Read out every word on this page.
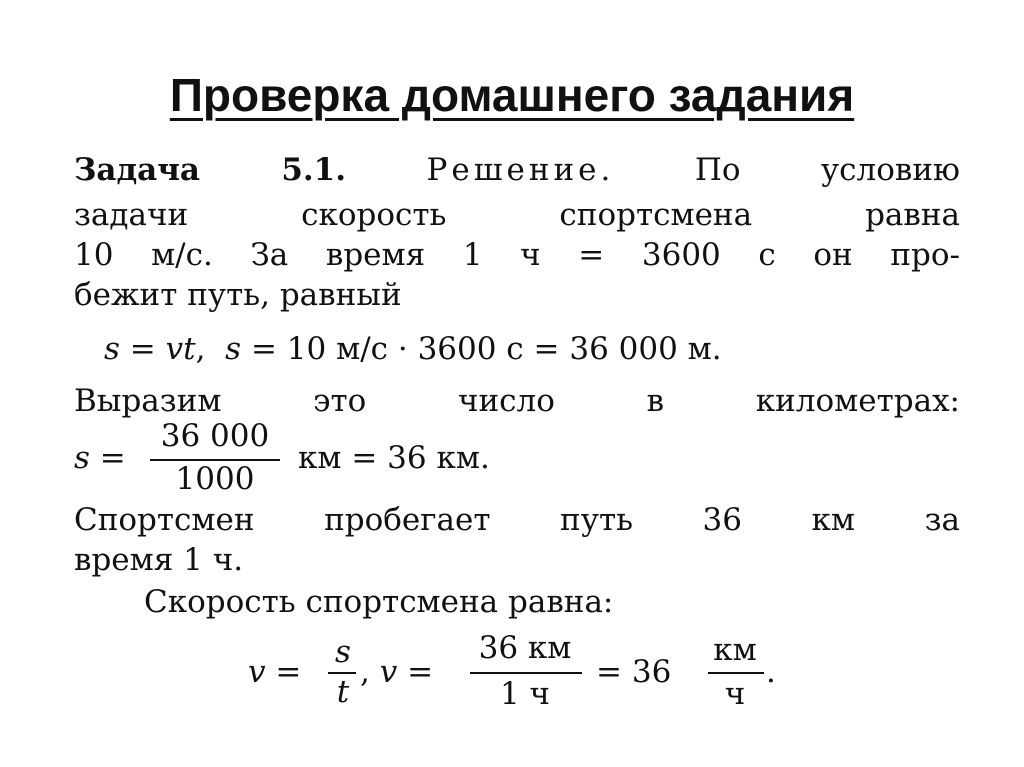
Проверка домашнего задания
Задача 5.1.	Решение.	По условию
задачи скорость спортсмена равна
10 м/с. За время 1 ч = 3600 с он про-
бежит путь, равный
s = vt,  s = 10 м/с · 3600 с = 36 000 м.
Выразим это число в километрах:
s =
36 000
1000
км = 36 км.
Спортсмен пробегает путь 36 км за
время 1 ч.
Скорость спортсмена равна:
v =
s
t
, v =
36 км
1 ч
= 36
км
ч
.
